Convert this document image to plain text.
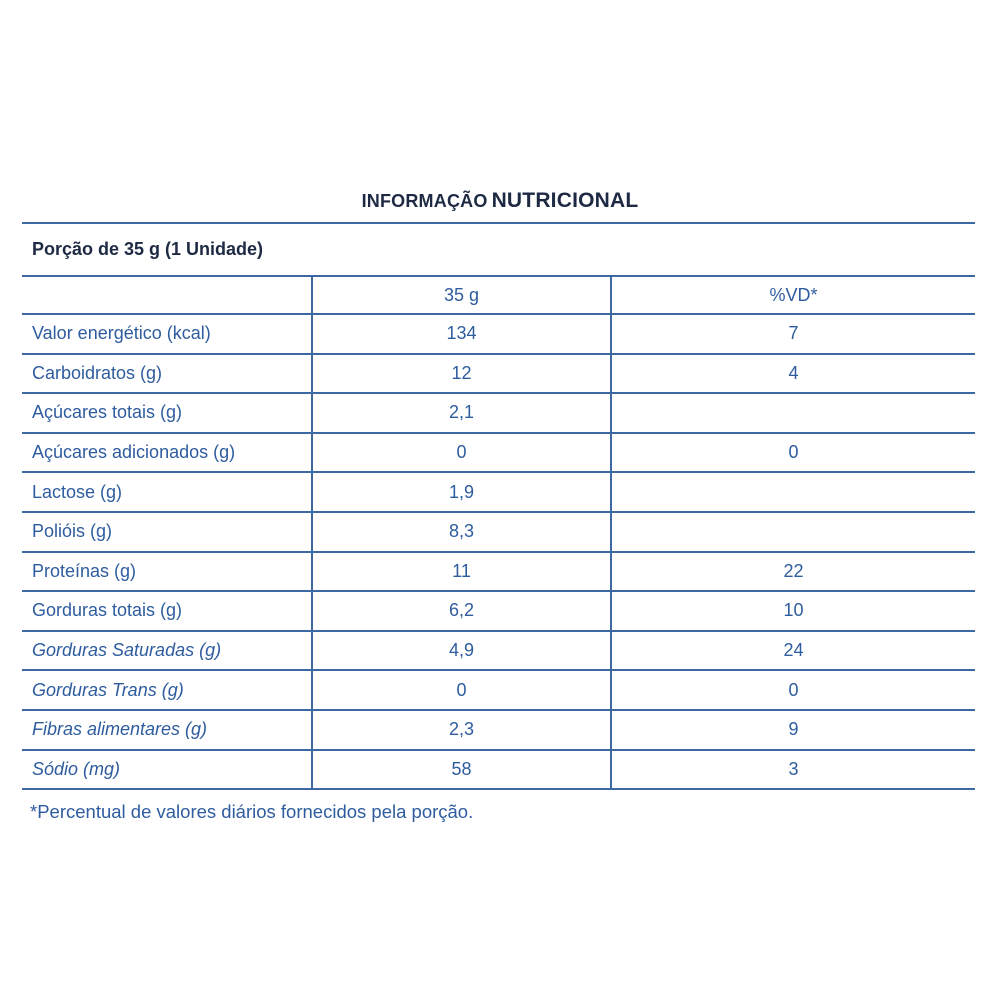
INFORMAÇÃO NUTRICIONAL
Porção de 35 g (1 Unidade)
35 g	%VD*
Valor energético (kcal)	134	7
Carboidratos (g)	12	4
Açúcares totais (g)	2,1
Açúcares adicionados (g)	0	0
Lactose (g)	1,9
Polióis (g)	8,3
Proteínas (g)	11	22
Gorduras totais (g)	6,2	10
Gorduras Saturadas (g)	4,9	24
Gorduras Trans (g)	0	0
Fibras alimentares (g)	2,3	9
Sódio (mg)	58	3

*Percentual de valores diários fornecidos pela porção.
